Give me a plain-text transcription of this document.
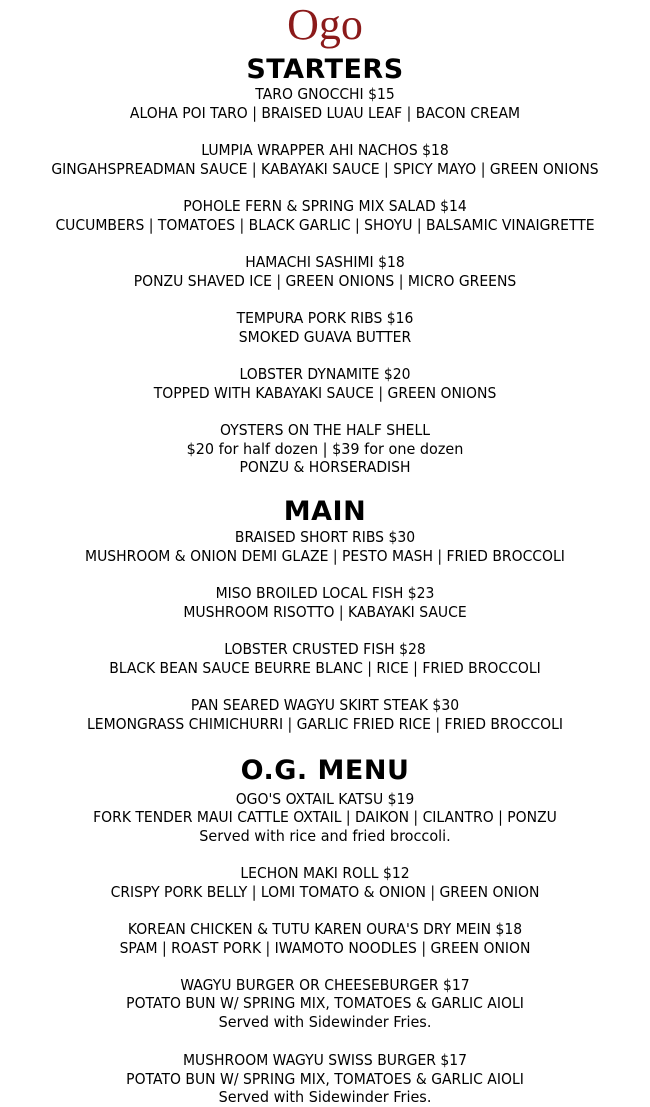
Ogo
STARTERS
TARO GNOCCHI $15
ALOHA POI TARO | BRAISED LUAU LEAF | BACON CREAM
LUMPIA WRAPPER AHI NACHOS $18
GINGAHSPREADMAN SAUCE | KABAYAKI SAUCE | SPICY MAYO | GREEN ONIONS
POHOLE FERN & SPRING MIX SALAD $14
CUCUMBERS | TOMATOES | BLACK GARLIC | SHOYU | BALSAMIC VINAIGRETTE
HAMACHI SASHIMI $18
PONZU SHAVED ICE | GREEN ONIONS | MICRO GREENS
TEMPURA PORK RIBS $16
SMOKED GUAVA BUTTER
LOBSTER DYNAMITE $20
TOPPED WITH KABAYAKI SAUCE | GREEN ONIONS
OYSTERS ON THE HALF SHELL
$20 for half dozen | $39 for one dozen
PONZU & HORSERADISH
MAIN
BRAISED SHORT RIBS $30
MUSHROOM & ONION DEMI GLAZE | PESTO MASH | FRIED BROCCOLI
MISO BROILED LOCAL FISH $23
MUSHROOM RISOTTO | KABAYAKI SAUCE
LOBSTER CRUSTED FISH $28
BLACK BEAN SAUCE BEURRE BLANC | RICE | FRIED BROCCOLI
PAN SEARED WAGYU SKIRT STEAK $30
LEMONGRASS CHIMICHURRI | GARLIC FRIED RICE | FRIED BROCCOLI
O.G. MENU
OGO'S OXTAIL KATSU $19
FORK TENDER MAUI CATTLE OXTAIL | DAIKON | CILANTRO | PONZU
Served with rice and fried broccoli.
LECHON MAKI ROLL $12
CRISPY PORK BELLY | LOMI TOMATO & ONION | GREEN ONION
KOREAN CHICKEN & TUTU KAREN OURA'S DRY MEIN $18
SPAM | ROAST PORK | IWAMOTO NOODLES | GREEN ONION
WAGYU BURGER OR CHEESEBURGER $17
POTATO BUN W/ SPRING MIX, TOMATOES & GARLIC AIOLI
Served with Sidewinder Fries.
MUSHROOM WAGYU SWISS BURGER $17
POTATO BUN W/ SPRING MIX, TOMATOES & GARLIC AIOLI
Served with Sidewinder Fries.
